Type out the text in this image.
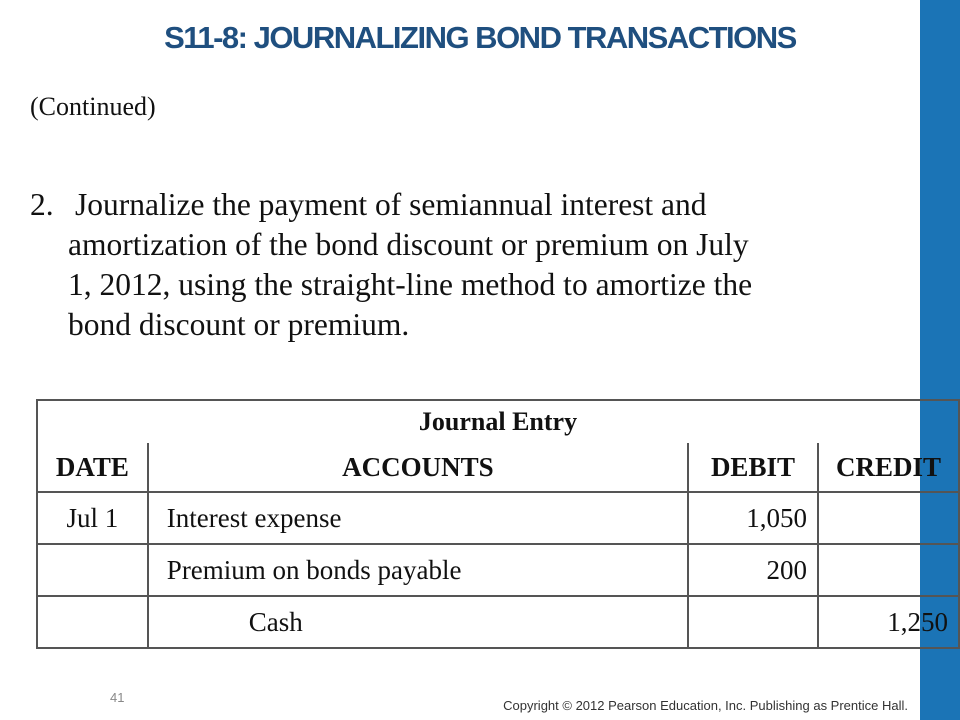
S11-8: JOURNALIZING BOND TRANSACTIONS
(Continued)
2. Journalize the payment of semiannual interest and
amortization of the bond discount or premium on July
1, 2012, using the straight-line method to amortize the
bond discount or premium.
Journal Entry			
DATE	ACCOUNTS	DEBIT	CREDIT
Jul 1	Interest expense	1,050	
	Premium on bonds payable	200	
	Cash		1,250
41
Copyright © 2012 Pearson Education, Inc. Publishing as Prentice Hall.
